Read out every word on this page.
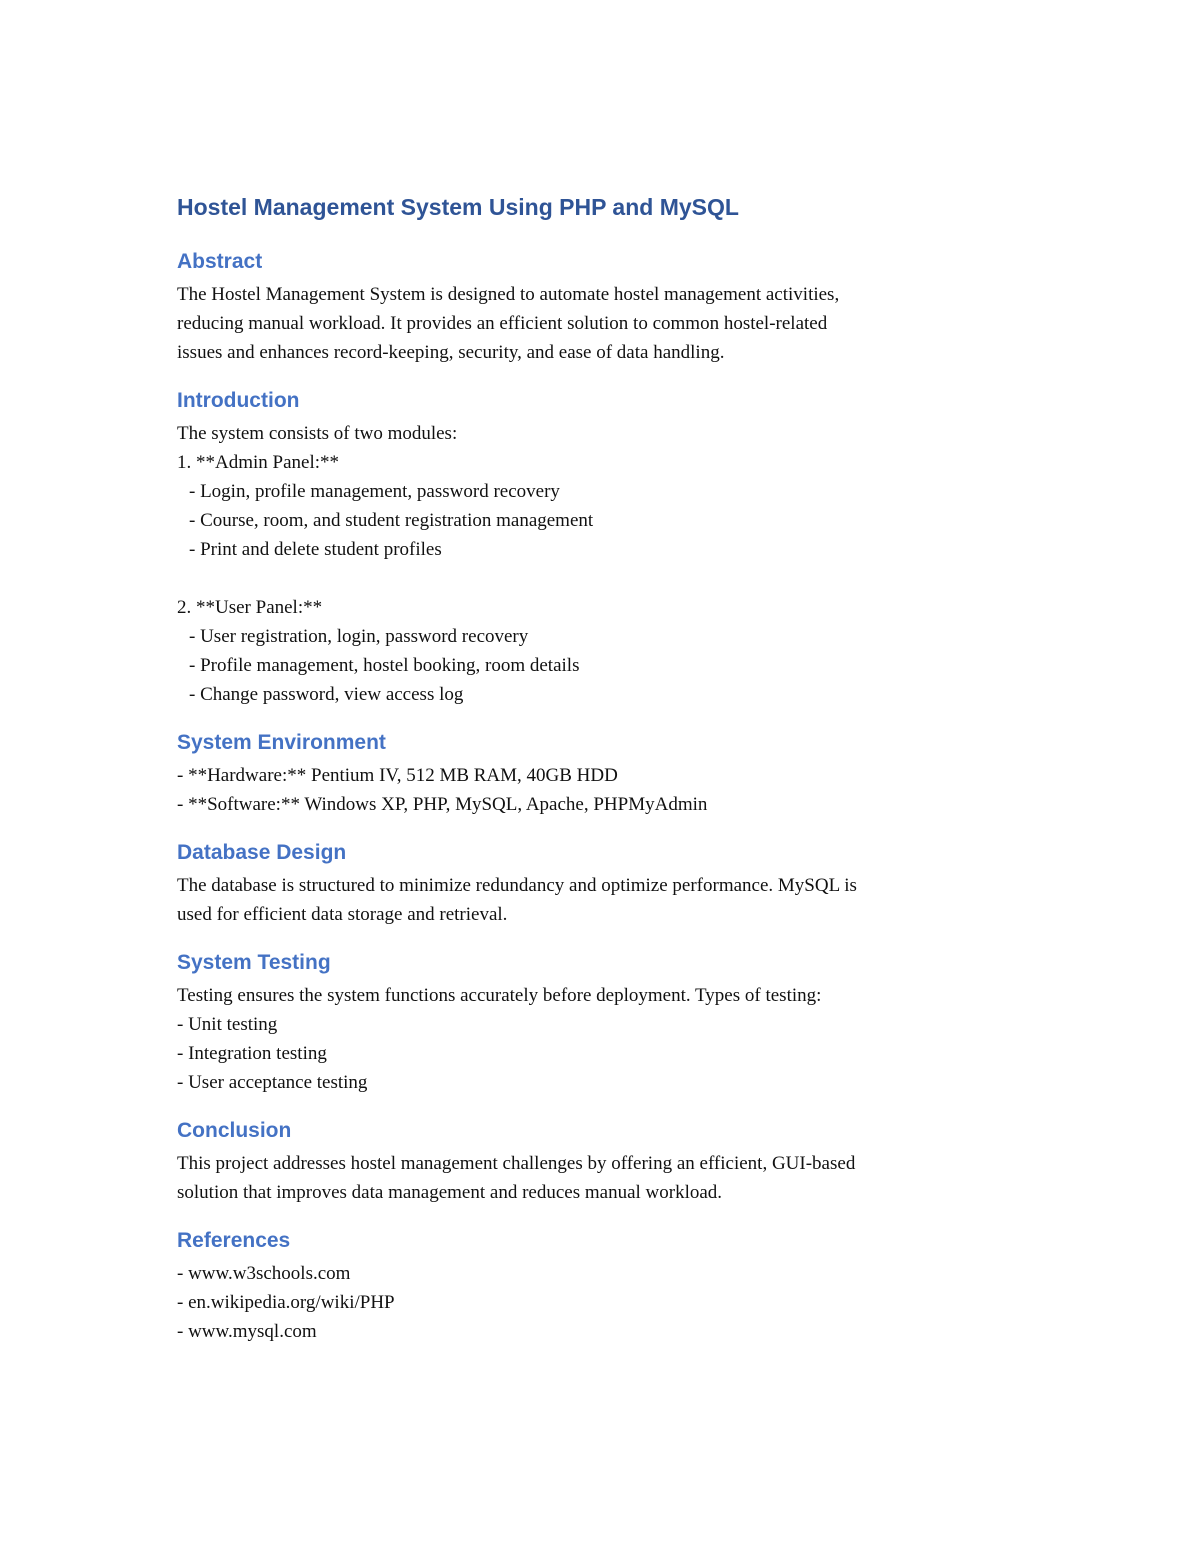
Hostel Management System Using PHP and MySQL
Abstract
The Hostel Management System is designed to automate hostel management activities,
reducing manual workload. It provides an efficient solution to common hostel-related
issues and enhances record-keeping, security, and ease of data handling.
Introduction
The system consists of two modules:
1. **Admin Panel:**
- Login, profile management, password recovery
- Course, room, and student registration management
- Print and delete student profiles
2. **User Panel:**
- User registration, login, password recovery
- Profile management, hostel booking, room details
- Change password, view access log
System Environment
- **Hardware:** Pentium IV, 512 MB RAM, 40GB HDD
- **Software:** Windows XP, PHP, MySQL, Apache, PHPMyAdmin
Database Design
The database is structured to minimize redundancy and optimize performance. MySQL is
used for efficient data storage and retrieval.
System Testing
Testing ensures the system functions accurately before deployment. Types of testing:
- Unit testing
- Integration testing
- User acceptance testing
Conclusion
This project addresses hostel management challenges by offering an efficient, GUI-based
solution that improves data management and reduces manual workload.
References
- www.w3schools.com
- en.wikipedia.org/wiki/PHP
- www.mysql.com
